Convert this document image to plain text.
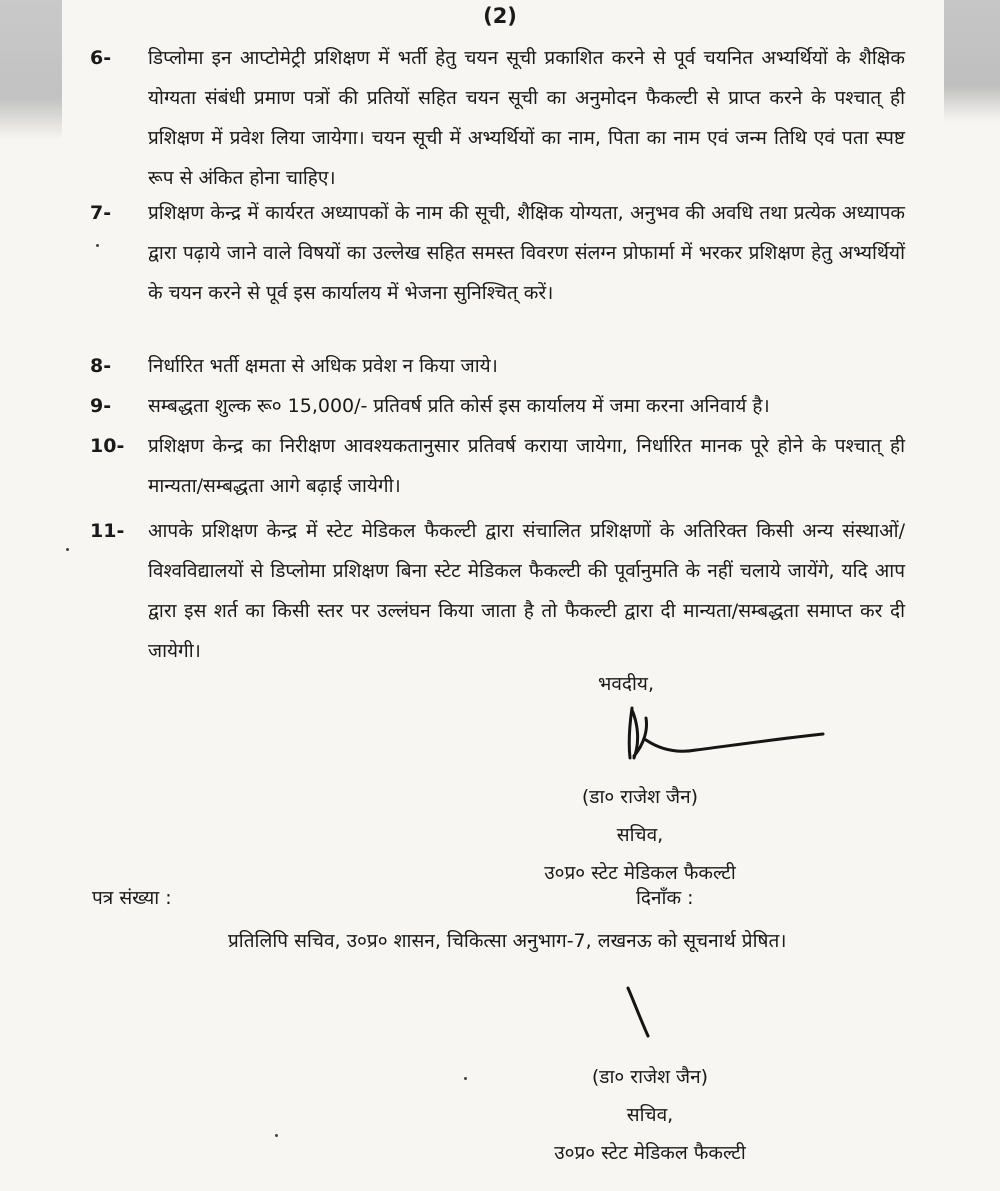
(2)
6- डिप्लोमा इन आप्टोमेट्री प्रशिक्षण में भर्ती हेतु चयन सूची प्रकाशित करने से पूर्व चयनित अभ्यर्थियों के शैक्षिक योग्यता संबंधी प्रमाण पत्रों की प्रतियों सहित चयन सूची का अनुमोदन फैकल्टी से प्राप्त करने के पश्चात् ही प्रशिक्षण में प्रवेश लिया जायेगा। चयन सूची में अभ्यर्थियों का नाम, पिता का नाम एवं जन्म तिथि एवं पता स्पष्ट रूप से अंकित होना चाहिए।
7- प्रशिक्षण केन्द्र में कार्यरत अध्यापकों के नाम की सूची, शैक्षिक योग्यता, अनुभव की अवधि तथा प्रत्येक अध्यापक द्वारा पढ़ाये जाने वाले विषयों का उल्लेख सहित समस्त विवरण संलग्न प्रोफार्मा में भरकर प्रशिक्षण हेतु अभ्यर्थियों के चयन करने से पूर्व इस कार्यालय में भेजना सुनिश्चित् करें।
8- निर्धारित भर्ती क्षमता से अधिक प्रवेश न किया जाये।
9- सम्बद्धता शुल्क रू० 15,000/- प्रतिवर्ष प्रति कोर्स इस कार्यालय में जमा करना अनिवार्य है।
10- प्रशिक्षण केन्द्र का निरीक्षण आवश्यकतानुसार प्रतिवर्ष कराया जायेगा, निर्धारित मानक पूरे होने के पश्चात् ही मान्यता/सम्बद्धता आगे बढ़ाई जायेगी।
11- आपके प्रशिक्षण केन्द्र में स्टेट मेडिकल फैकल्टी द्वारा संचालित प्रशिक्षणों के अतिरिक्त किसी अन्य संस्थाओं/विश्वविद्यालयों से डिप्लोमा प्रशिक्षण बिना स्टेट मेडिकल फैकल्टी की पूर्वानुमति के नहीं चलाये जायेंगे, यदि आप द्वारा इस शर्त का किसी स्तर पर उल्लंघन किया जाता है तो फैकल्टी द्वारा दी मान्यता/सम्बद्धता समाप्त कर दी जायेगी।
भवदीय,
(डा० राजेश जैन)
सचिव,
उ०प्र० स्टेट मेडिकल फैकल्टी
पत्र संख्या :	दिनाँक :
प्रतिलिपि सचिव, उ०प्र० शासन, चिकित्सा अनुभाग-7, लखनऊ को सूचनार्थ प्रेषित।
(डा० राजेश जैन)
सचिव,
उ०प्र० स्टेट मेडिकल फैकल्टी
